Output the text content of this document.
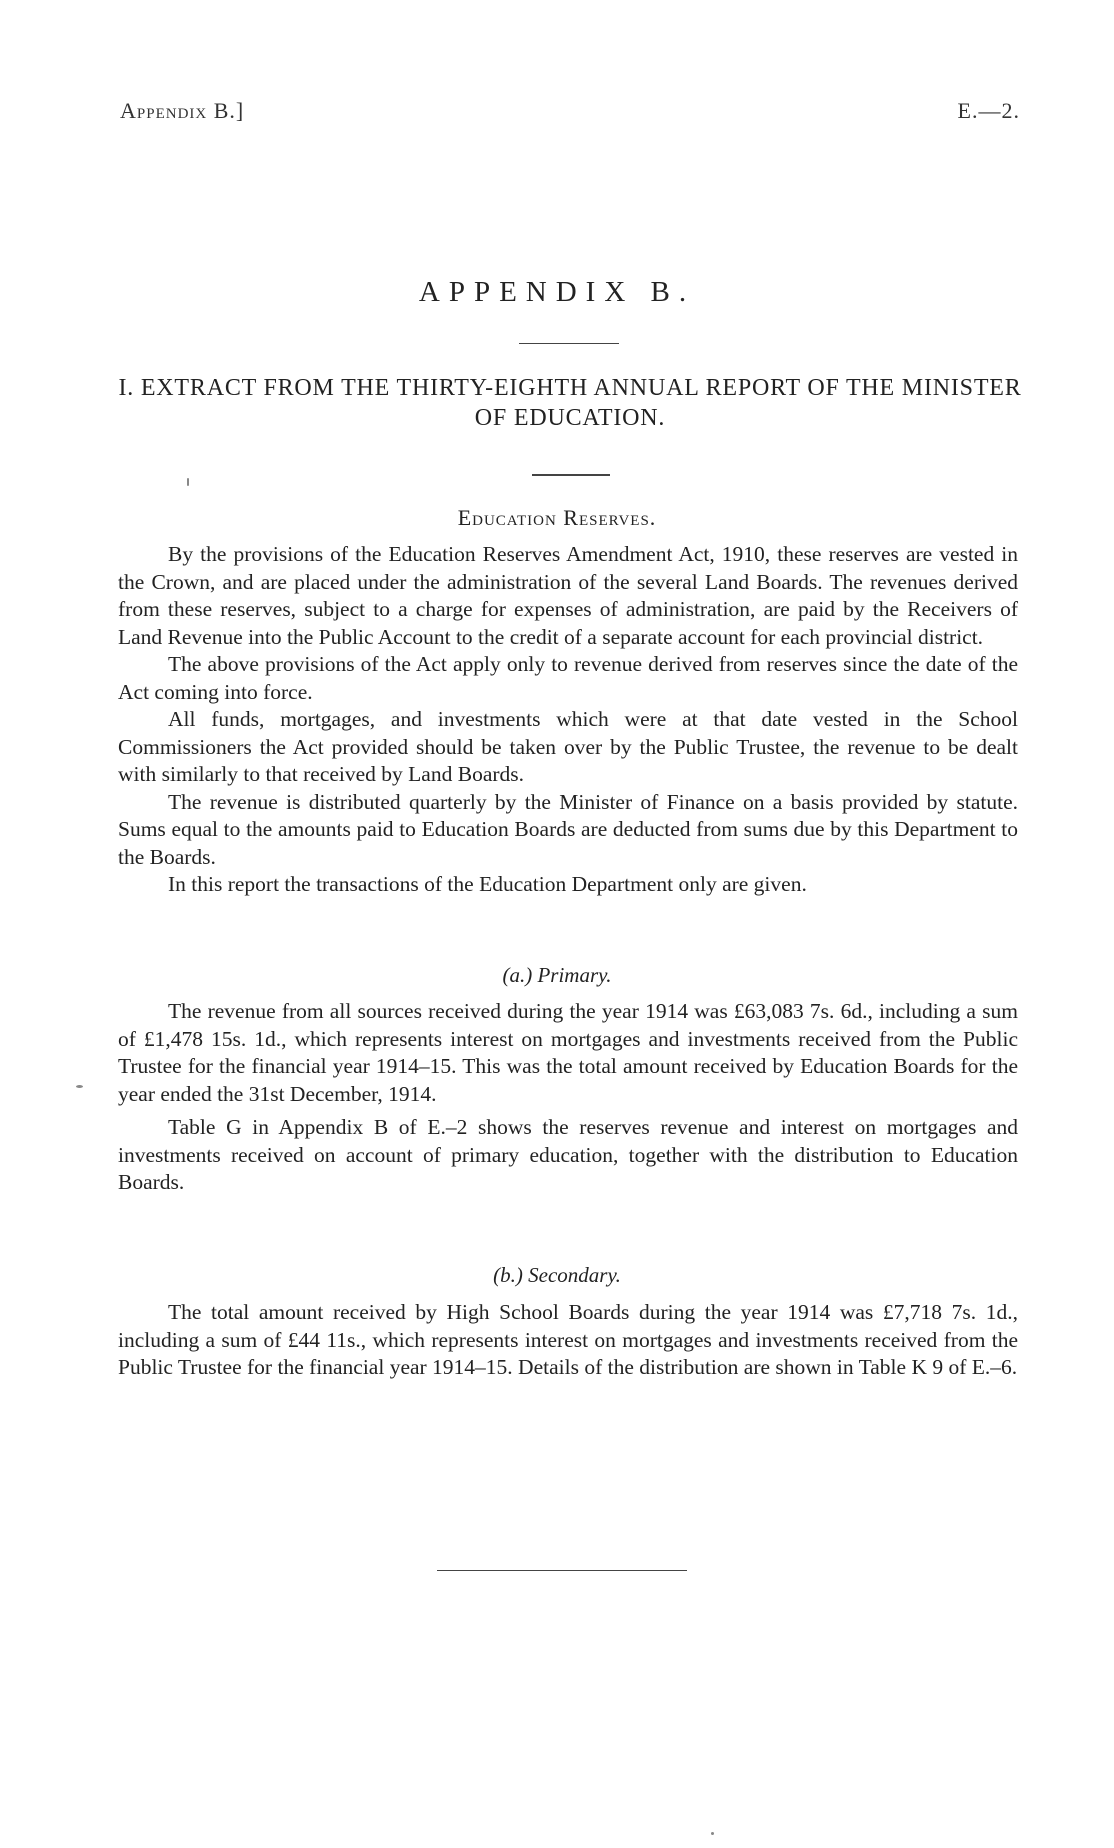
Appendix B.]	E.—2.
APPENDIX B.
I. EXTRACT FROM THE THIRTY-EIGHTH ANNUAL REPORT OF THE MINISTER OF EDUCATION.
Education Reserves.

By the provisions of the Education Reserves Amendment Act, 1910, these reserves are vested in the Crown, and are placed under the administration of the several Land Boards. The revenues derived from these reserves, subject to a charge for expenses of administration, are paid by the Receivers of Land Revenue into the Public Account to the credit of a separate account for each provincial district.

The above provisions of the Act apply only to revenue derived from reserves since the date of the Act coming into force.

All funds, mortgages, and investments which were at that date vested in the School Commissioners the Act provided should be taken over by the Public Trustee, the revenue to be dealt with similarly to that received by Land Boards.

The revenue is distributed quarterly by the Minister of Finance on a basis provided by statute. Sums equal to the amounts paid to Education Boards are deducted from sums due by this Department to the Boards.

In this report the transactions of the Education Department only are given.

(a.) Primary.

The revenue from all sources received during the year 1914 was £63,083 7s. 6d., including a sum of £1,478 15s. 1d., which represents interest on mortgages and investments received from the Public Trustee for the financial year 1914–15. This was the total amount received by Education Boards for the year ended the 31st December, 1914.

Table G in Appendix B of E.–2 shows the reserves revenue and interest on mortgages and investments received on account of primary education, together with the distribution to Education Boards.

(b.) Secondary.

The total amount received by High School Boards during the year 1914 was £7,718 7s. 1d., including a sum of £44 11s., which represents interest on mortgages and investments received from the Public Trustee for the financial year 1914–15. Details of the distribution are shown in Table K 9 of E.–6.
